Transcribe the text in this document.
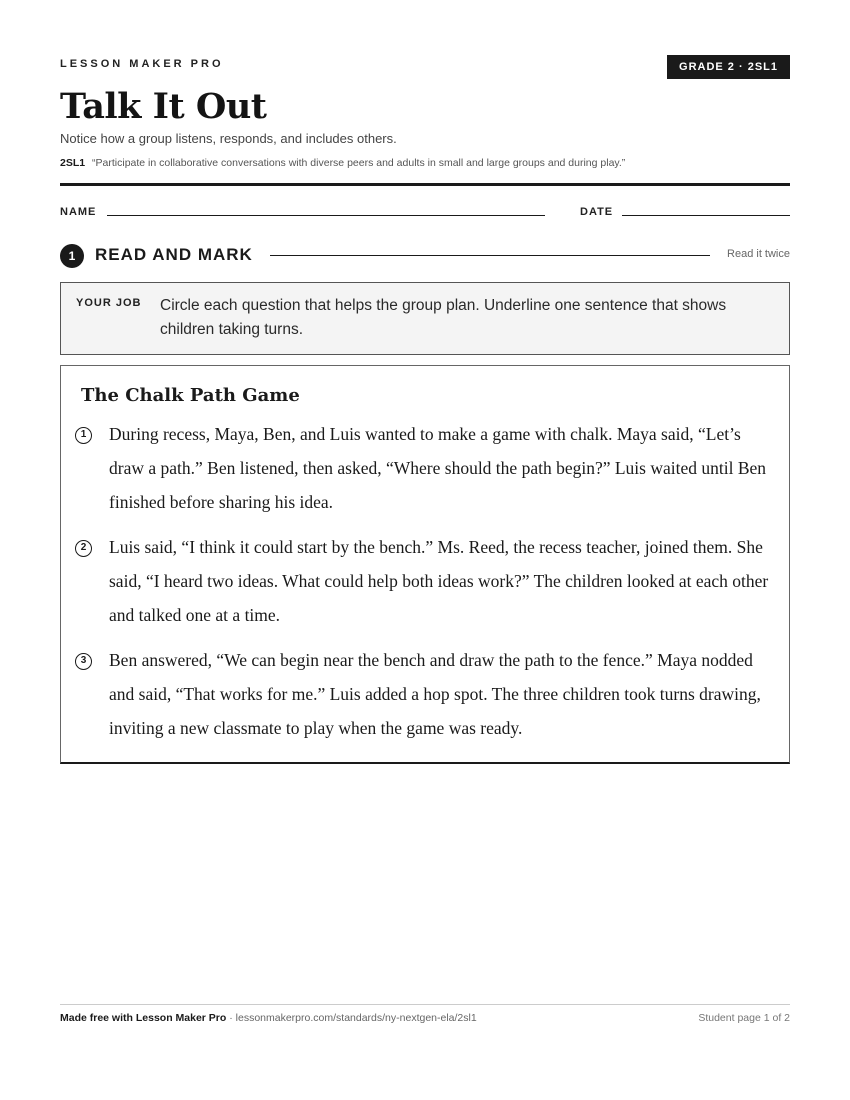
LESSON MAKER PRO	GRADE 2 · 2SL1
Talk It Out
Notice how a group listens, responds, and includes others.
2SL1 “Participate in collaborative conversations with diverse peers and adults in small and large groups and during play.”
NAME	DATE
1	READ AND MARK	Read it twice
YOUR JOB Circle each question that helps the group plan. Underline one sentence that shows children taking turns.
The Chalk Path Game
1	During recess, Maya, Ben, and Luis wanted to make a game with chalk. Maya said, “Let’s draw a path.” Ben listened, then asked, “Where should the path begin?” Luis waited until Ben finished before sharing his idea.

2	Luis said, “I think it could start by the bench.” Ms. Reed, the recess teacher, joined them. She said, “I heard two ideas. What could help both ideas work?” The children looked at each other and talked one at a time.

3	Ben answered, “We can begin near the bench and draw the path to the fence.” Maya nodded and said, “That works for me.” Luis added a hop spot. The three children took turns drawing, inviting a new classmate to play when the game was ready.

Made free with Lesson Maker Pro · lessonmakerpro.com/standards/ny-nextgen-ela/2sl1	Student page 1 of 2
